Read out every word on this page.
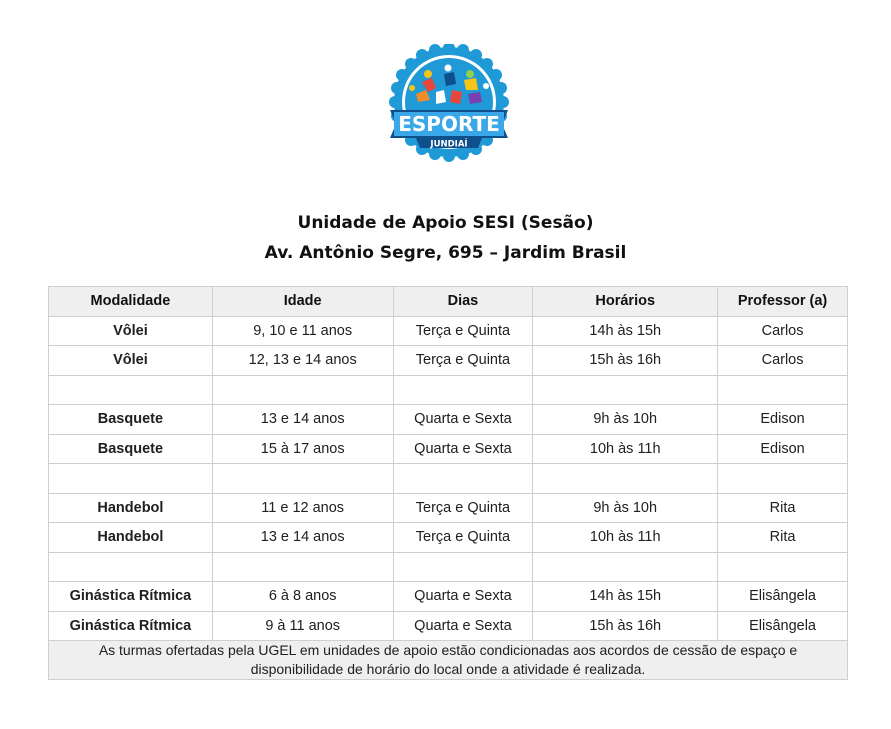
ESPORTE
JUNDIAÍ
Unidade de Apoio SESI (Sesão)
Av. Antônio Segre, 695 – Jardim Brasil
Modalidade	Idade	Dias	Horários	Professor (a)
Vôlei	9, 10 e 11 anos	Terça e Quinta	14h às 15h	Carlos
Vôlei	12, 13 e 14 anos	Terça e Quinta	15h às 16h	Carlos

Basquete	13 e 14 anos	Quarta e Sexta	9h às 10h	Edison
Basquete	15 à 17 anos	Quarta e Sexta	10h às 11h	Edison

Handebol	11 e 12 anos	Terça e Quinta	9h às 10h	Rita
Handebol	13 e 14 anos	Terça e Quinta	10h às 11h	Rita

Ginástica Rítmica	6 à 8 anos	Quarta e Sexta	14h às 15h	Elisângela
Ginástica Rítmica	9 à 11 anos	Quarta e Sexta	15h às 16h	Elisângela
As turmas ofertadas pela UGEL em unidades de apoio estão condicionadas aos acordos de cessão de espaço e disponibilidade de horário do local onde a atividade é realizada.				
